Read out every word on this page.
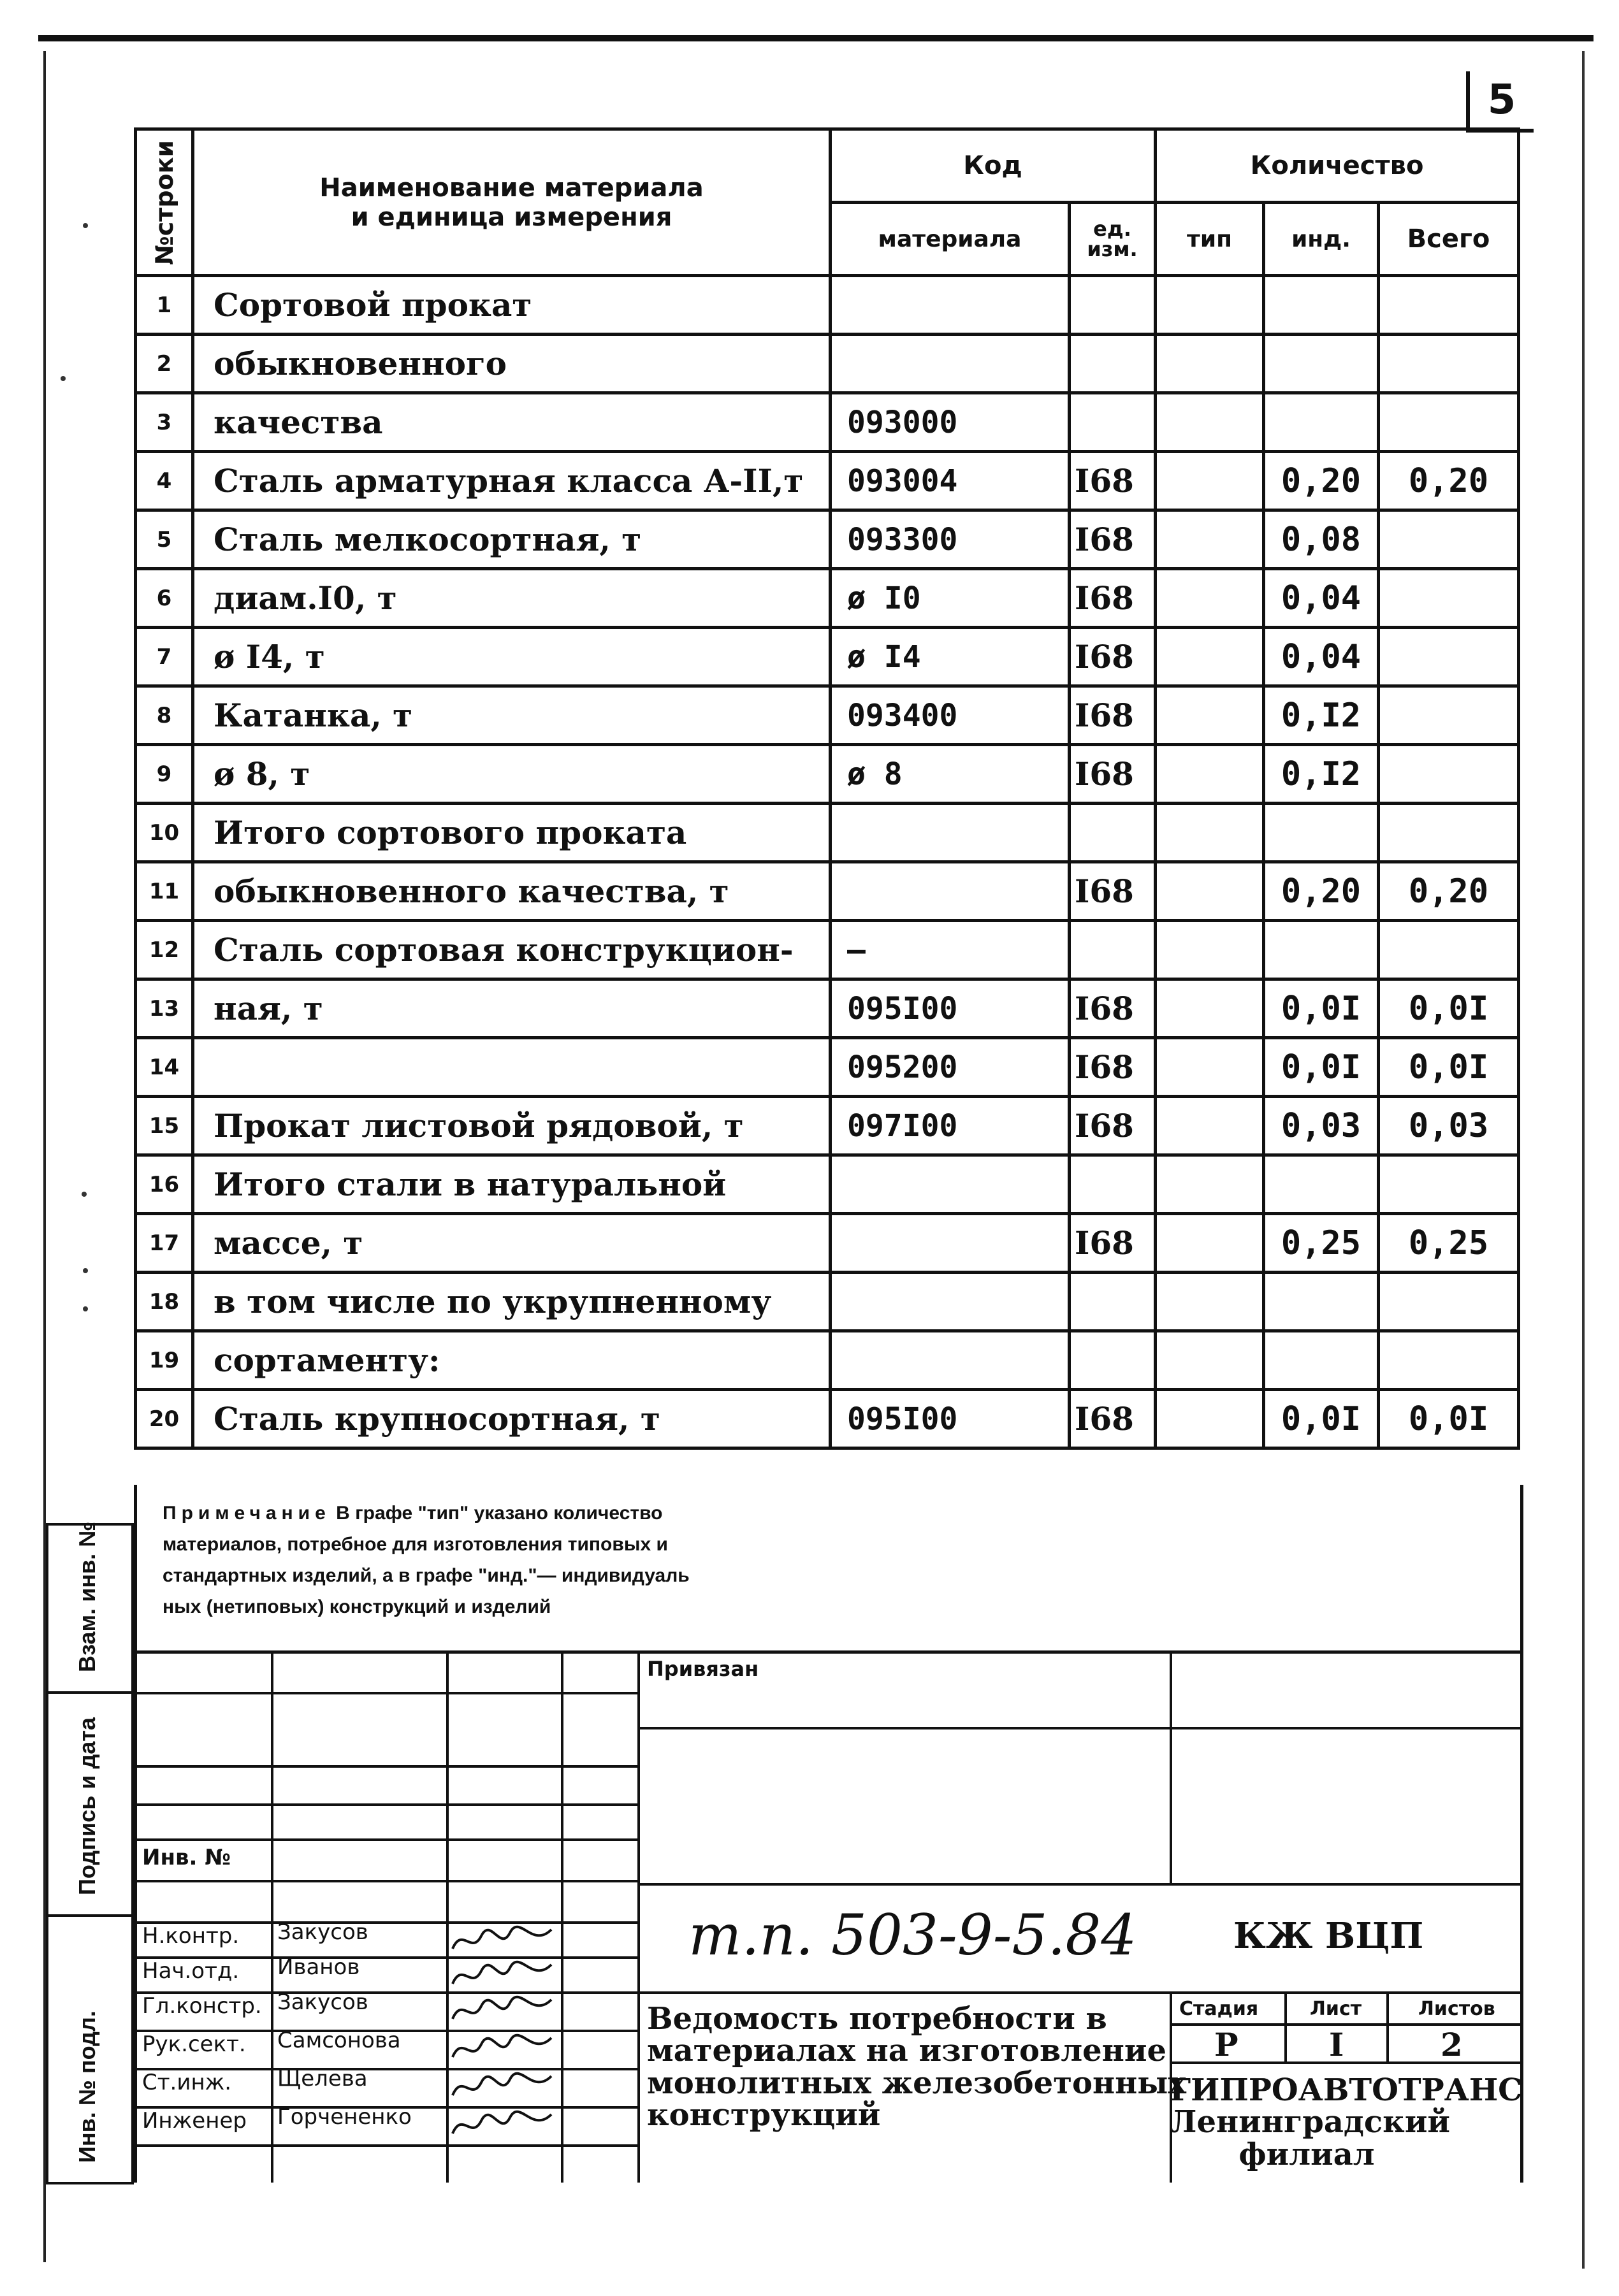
5
№строки	Наименование материала
и единица измерения	Код		Количество		
		материала	ед. изм.	тип	инд.	Всего
1	Сортовой прокат					
2	обыкновенного					
3	качества	093000				
4	Сталь арматурная класса А-II,т	093004	I68		0,20	0,20
5	Сталь мелкосортная, т	093300	I68		0,08	
6	диам.I0, т	ø I0	I68		0,04	
7	ø I4, т	ø I4	I68		0,04	
8	Катанка, т	093400	I68		0,I2	
9	ø 8, т	ø 8	I68		0,I2	
10	Итого сортового проката					
11	обыкновенного качества, т		I68		0,20	0,20
12	Сталь сортовая конструкцион-	—				
13	ная, т	095I00	I68		0,0I	0,0I
14		095200	I68		0,0I	0,0I
15	Прокат листовой рядовой, т	097I00	I68		0,03	0,03
16	Итого стали в натуральной					
17	массе, т		I68		0,25	0,25
18	в том числе по укрупненному					
19	сортаменту:					
20	Сталь крупносортная, т	095I00	I68		0,0I	0,0I
Примечание В графе "тип" указано количество
материалов, потребное для изготовления типовых и
стандартных изделий, а в графе "инд."— индивидуаль
ных (нетиповых) конструкций и изделий
Взам. инв. №
Подпись и дата
Инв. № подл.
Привязан
Инв. №
т.п. 503-9-5.84	КЖ ВЦП
Ведомость потребности в
материалах на изготовление
монолитных железобетонных
конструкций
Стадия	Лист	Листов
Р	I	2
ГИПРОАВТОТРАНС
Ленинградский
филиал
Н.контр. Закусов
Нач.отд. Иванов
Гл.констр. Закусов
Рук.сект. Самсонова
Ст.инж. Щелева
Инженер Горчененко
